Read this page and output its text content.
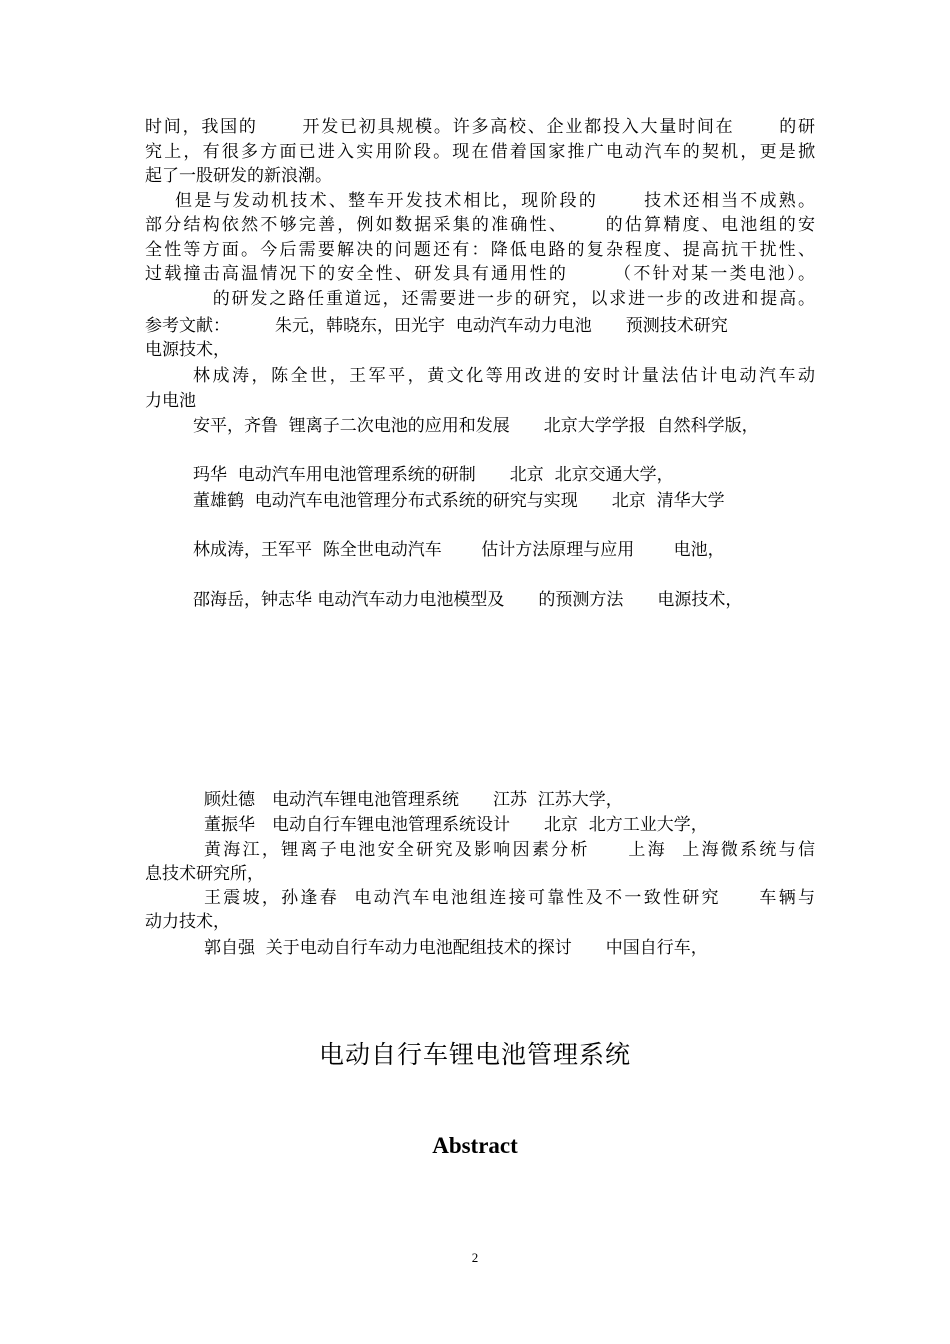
时间，我国的　　 开发已初具规模。许多高校、企业都投入大量时间在　　 的研
究上，有很多方面已进入实用阶段。现在借着国家推广电动汽车的契机，更是掀
起了一股研发的新浪潮。
但是与发动机技术、整车开发技术相比，现阶段的　　 技术还相当不成熟。
部分结构依然不够完善，例如数据采集的准确性、　　 的估算精度、电池组的安
全性等方面。今后需要解决的问题还有：降低电路的复杂程度、提高抗干扰性、
过载撞击高温情况下的安全性、研发具有通用性的　　 （不针对某一类电池）。
　　的研发之路任重道远，还需要进一步的研究，以求进一步的改进和提高。
参考文献：	朱元，韩晓东，田光宇  电动汽车动力电池　　预测技术研究
电源技术，
林成涛，陈全世，王军平，黄文化等用改进的安时计量法估计电动汽车动
力电池
安平，齐鲁  锂离子二次电池的应用和发展　　北京大学学报  自然科学版，
玛华  电动汽车用电池管理系统的研制　　北京  北京交通大学，
董雄鹤  电动汽车电池管理分布式系统的研究与实现　　北京  清华大学
林成涛，王军平  陈全世电动汽车　　 估计方法原理与应用　　 电池，
邵海岳，钟志华 电动汽车动力电池模型及　　的预测方法　　电源技术，
顾灶德　电动汽车锂电池管理系统　　江苏  江苏大学，
董振华　电动自行车锂电池管理系统设计　　北京  北方工业大学，
黄海江，锂离子电池安全研究及影响因素分析　　上海  上海微系统与信
息技术研究所，
王震坡，孙逢春  电动汽车电池组连接可靠性及不一致性研究　　车辆与
动力技术，
郭自强  关于电动自行车动力电池配组技术的探讨　　中国自行车，
电动自行车锂电池管理系统
Abstract
2
